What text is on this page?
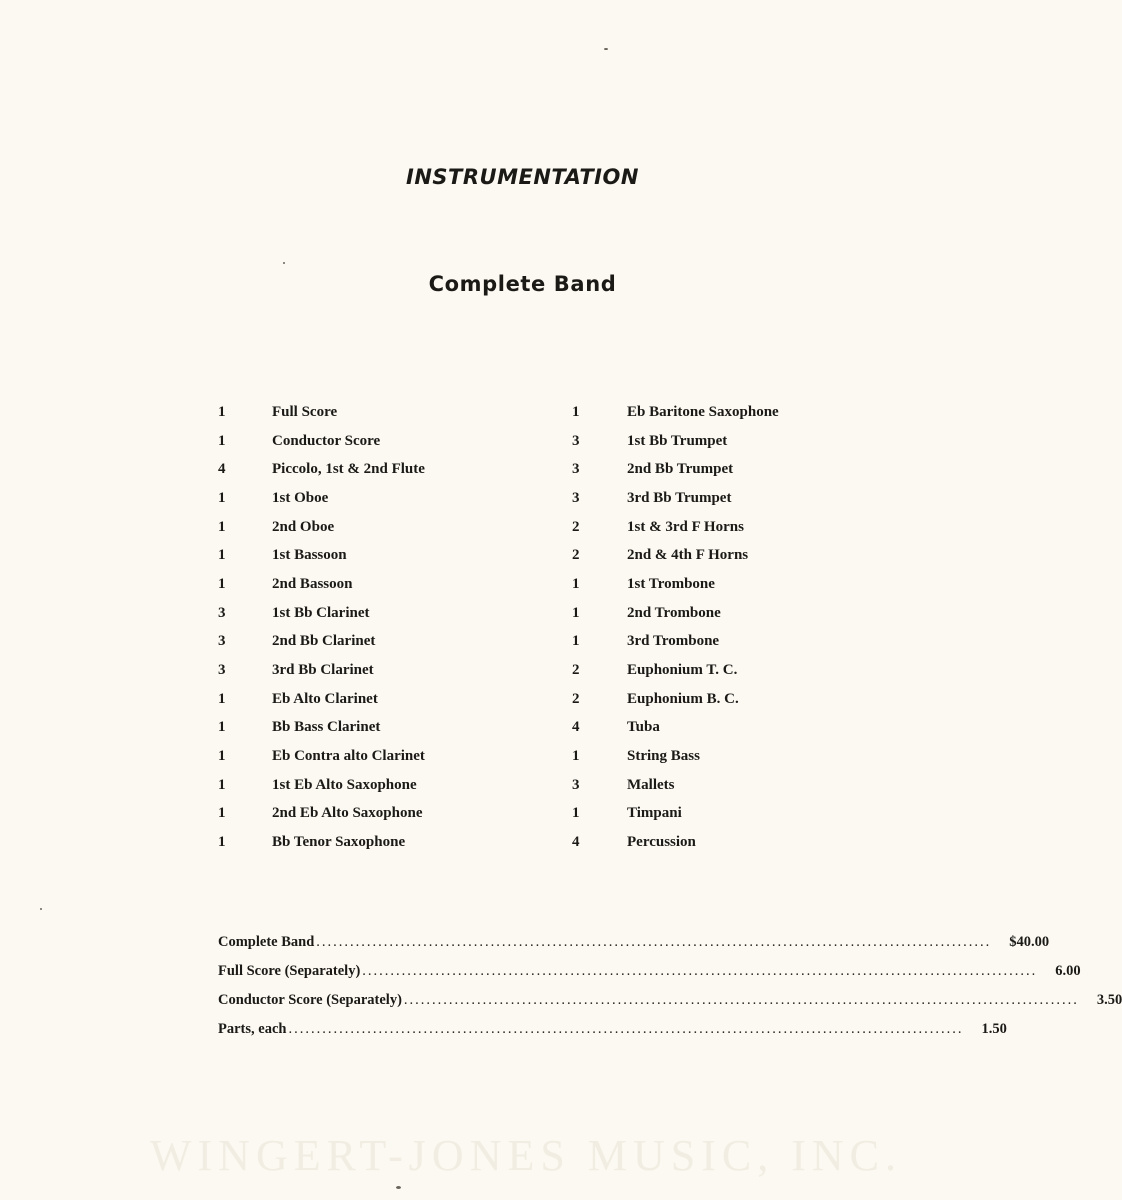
INSTRUMENTATION
Complete Band
1	Full Score
1	Conductor Score
4	Piccolo, 1st & 2nd Flute
1	1st Oboe
1	2nd Oboe
1	1st Bassoon
1	2nd Bassoon
3	1st Bb Clarinet
3	2nd Bb Clarinet
3	3rd Bb Clarinet
1	Eb Alto Clarinet
1	Bb Bass Clarinet
1	Eb Contra alto Clarinet
1	1st Eb Alto Saxophone
1	2nd Eb Alto Saxophone
1	Bb Tenor Saxophone
1	Eb Baritone Saxophone
3	1st Bb Trumpet
3	2nd Bb Trumpet
3	3rd Bb Trumpet
2	1st & 3rd F Horns
2	2nd & 4th F Horns
1	1st Trombone
1	2nd Trombone
1	3rd Trombone
2	Euphonium T. C.
2	Euphonium B. C.
4	Tuba
1	String Bass
3	Mallets
1	Timpani
4	Percussion
Complete Band ........................................................................................................................ $40.00
Full Score (Separately) ........................................................................................................................ 6.00
Conductor Score (Separately) ........................................................................................................................ 3.50
Parts, each ........................................................................................................................ 1.50
WINGERT-JONES MUSIC, INC.
